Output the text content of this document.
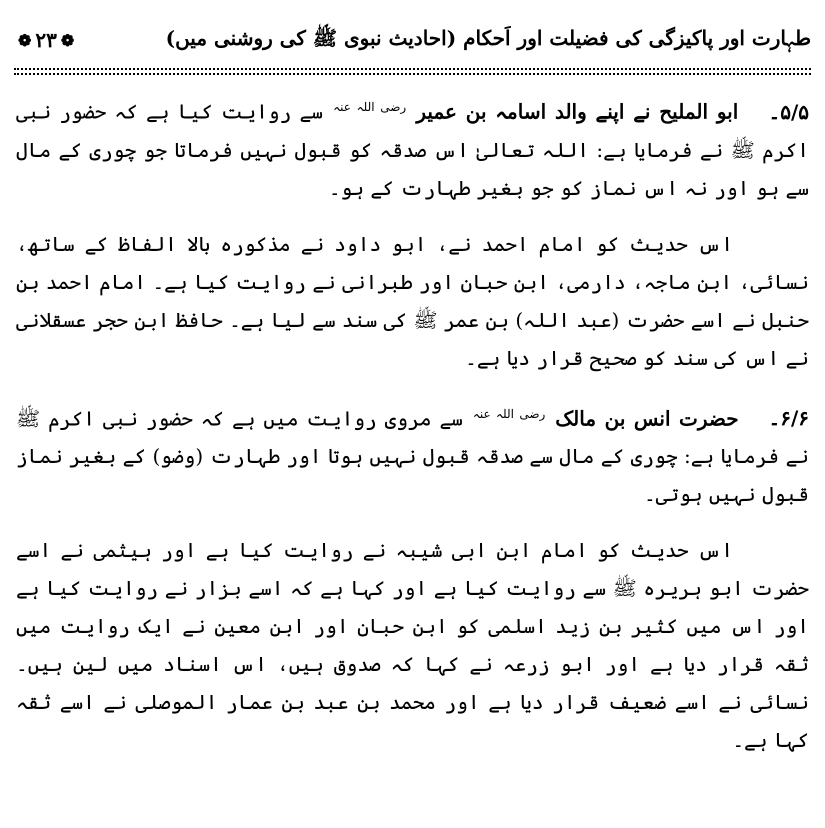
طہارت اور پاکیزگی کی فضیلت اور اَحکام (احادیث نبوی ﷺ کی روشنی میں)
❁ ۲۳ ❁

۵/۵۔ ابو المليح نے اپنے والد اسامہ بن عمیر $^{رضی اللہ عنہ}$ سے روایت کیا ہے کہ حضور نبی اکرم ﷺ نے فرمایا ہے: اللہ تعالیٰ اس صدقہ کو قبول نہیں فرماتا جو چوری کے مال سے ہو اور نہ اس نماز کو جو بغیر طہارت کے ہو۔

اس حدیث کو امام احمد نے، ابو داود نے مذکورہ بالا الفاظ کے ساتھ، نسائی، ابن ماجہ، دارمی، ابن حبان اور طبرانی نے روایت کیا ہے۔ امام احمد بن حنبل نے اسے حضرت (عبد اللہ) بن عمر ﷺ کی سند سے لیا ہے۔ حافظ ابن حجر عسقلانی نے اس کی سند کو صحیح قرار دیا ہے۔

۶/۶۔ حضرت انس بن مالک $^{رضی اللہ عنہ}$ سے مروی روایت میں ہے کہ حضور نبی اکرم ﷺ نے فرمایا ہے: چوری کے مال سے صدقہ قبول نہیں ہوتا اور طہارت (وضو) کے بغیر نماز قبول نہیں ہوتی۔

اس حدیث کو امام ابن ابی شیبہ نے روایت کیا ہے اور ہیثمی نے اسے حضرت ابو ہریرہ ﷺ سے روایت کیا ہے اور کہا ہے کہ اسے بزار نے روایت کیا ہے اور اس میں کثیر بن زید اسلمی کو ابن حبان اور ابن معین نے ایک روایت میں ثقہ قرار دیا ہے اور ابو زرعہ نے کہا کہ صدوق ہیں، اس اسناد میں لین ہیں۔ نسائی نے اسے ضعیف قرار دیا ہے اور محمد بن عبد بن عمار الموصلی نے اسے ثقہ کہا ہے۔
